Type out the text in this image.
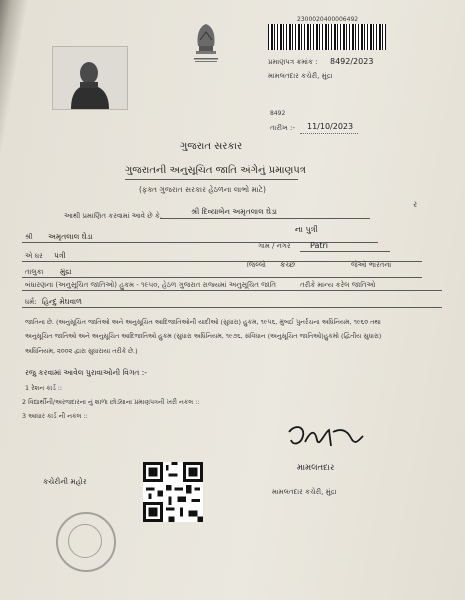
2300020400006492
પ્રમાણપત્ર ક્રમાંક : 8492/2023
મામલતદાર કચેરી, મુંદ્રા
8492
તારીખ :- 11/10/2023
ગુજરાત સરકાર
ગુજરાતની અનુસૂચિત જાતિ અંગેનું પ્રમાણપત્ર
(ફક્ત ગુજરાત સરકાર હેઠળના લાભો માટે)
આથી પ્રમાણિત કરવામાં આવે છે કે,	શ્રી દિવ્યાબેન અમૃતલાલ ઘેડા
ર
શ્રી અમૃતલાલ ઘેડા
ના પુત્રી
ગામ / નગર Patri
એ ઘર પત્રી
જિલ્લો કચ્છ	જેઓ ભારતના
તાલુકા મુંદ્રા
બંધારણના (અનુસૂચિત જાતિઓ) હુકમ - ૧૯૫૦, હેઠળ ગુજરાત રાજ્યમાં અનુસૂચિત જાતિ	તરીકે માન્ય કરેલ જાતિઓ
ધર્મ: હિન્દુ મેઘવાળ
જાતિના છે. (અનુસૂચિત જાતિઓ અને અનુસૂચિત આદિજાતિઓની યાદીઓ (સુધારા) હુકમ, ૧૯૫૬, મુંબઈ પુનર્રચના અધિનિયમ, ૧૯૬૦ તથા
અનુસૂચિત જાતિઓ અને અનુસૂચિત આદિજાતિઓ હુકમ (સુધારા અધિનિયમ, ૧૯૭૬, સંવિધાન (અનુસૂચિત જાતિઓ)હુકમો (દ્વિતીય સુધારા)
અધિનિયમ, ૨૦૦૨ દ્વારા સુધારાયા તરીકે છે.)
રજુ કરવામાં આવેલ પુરાવાઓની વિગત :-
1 રેશન કાર્ડ ::
2 વિદ્યાર્થીની/અરજદારના નું શાળા છોડ્યાના પ્રમાણપત્રની ખરી નકલ ::
3 આધાર કાર્ડ ની નકલ ::
મામલતદાર
મામલતદાર કચેરી, મુંદ્રા
કચેરીની મહોર
